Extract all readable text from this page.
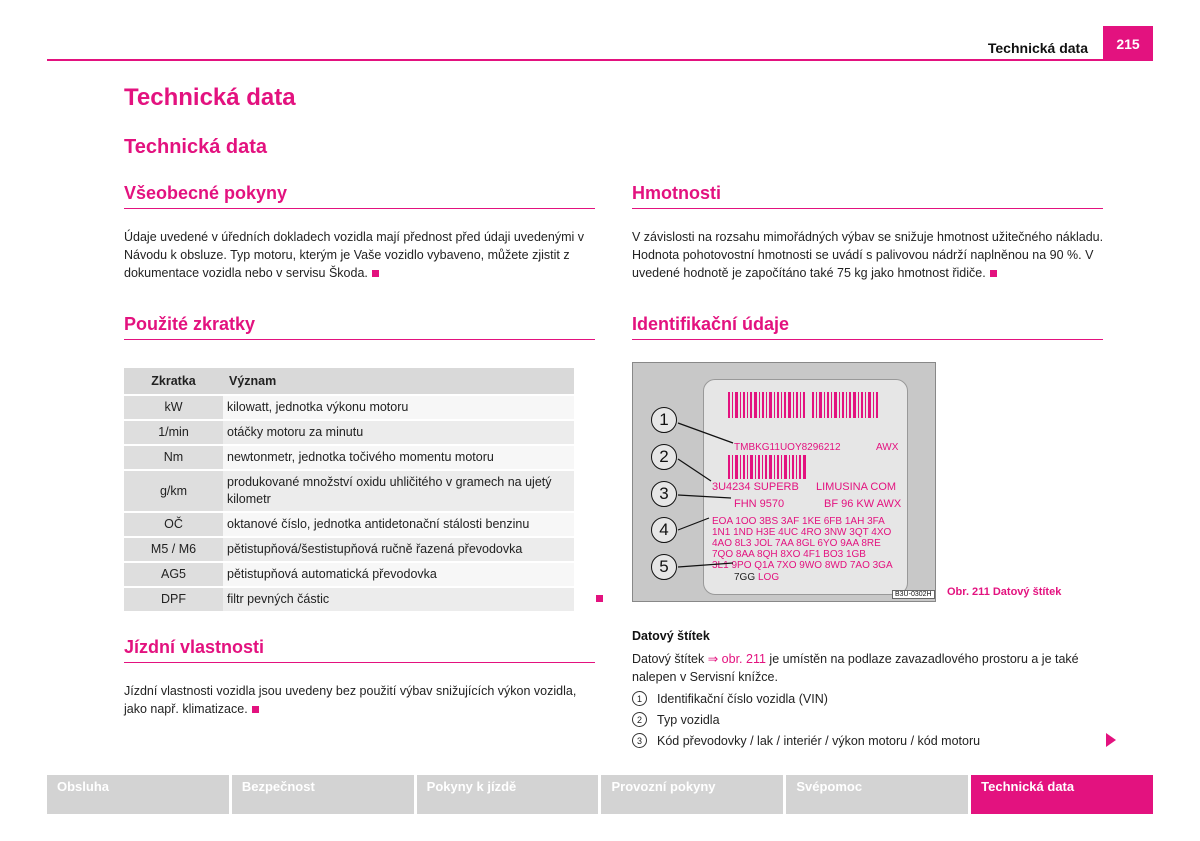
Technická data	215
Technická data
Technická data
Všeobecné pokyny

Údaje uvedené v úředních dokladech vozidla mají přednost před údaji uvedenými v Návodu k obsluze. Typ motoru, kterým je Vaše vozidlo vybaveno, můžete zjistit z dokumentace vozidla nebo v servisu Škoda.

Použité zkratky
Zkratka	Význam
kW	kilowatt, jednotka výkonu motoru
1/min	otáčky motoru za minutu
Nm	newtonmetr, jednotka točivého momentu motoru
g/km	produkované množství oxidu uhličitého v gramech na ujetý kilometr
OČ	oktanové číslo, jednotka antidetonační stálosti benzinu
M5 / M6	pětistupňová/šestistupňová ručně řazená převodovka
AG5	pětistupňová automatická převodovka
DPF	filtr pevných částic
Jízdní vlastnosti

Jízdní vlastnosti vozidla jsou uvedeny bez použití výbav snižujících výkon vozidla, jako např. klimatizace.

Hmotnosti

V závislosti na rozsahu mimořádných výbav se snižuje hmotnost užitečného nákladu. Hodnota pohotovostní hmotnosti se uvádí s palivovou nádrží naplněnou na 90 %. V uvedené hodnotě je započítáno také 75 kg jako hmotnost řidiče.

Identifikační údaje
TMBKG11UOY8296212	AWX
3U4234 SUPERB LIMUSINA COM
FHN 9570	BF 96 KW AWX
EOA 1OO 3BS 3AF 1KE 6FB 1AH 3FA
1N1 1ND H3E 4UC 4RO 3NW 3QT 4XO
4AO 8L3 JOL 7AA 8GL 6YO 9AA 8RE
7QO 8AA 8QH 8XO 4F1 BO3 1GB
3L1 9PO Q1A 7XO 9WO 8WD 7AO 3GA
7GG LOG
1
2
3
4
5
B3U-0302H Obr. 211 Datový štítek
Datový štítek

Datový štítek ⇒ obr. 211 je umístěn na podlaze zavazadlového prostoru a je také nalepen v Servisní knížce.

1	Identifikační číslo vozidla (VIN)
2	Typ vozidla
3	Kód převodovky / lak / interiér / výkon motoru / kód motoru
Obsluha	Bezpečnost	Pokyny k jízdě	Provozní pokyny	Svépomoc	Technická data
